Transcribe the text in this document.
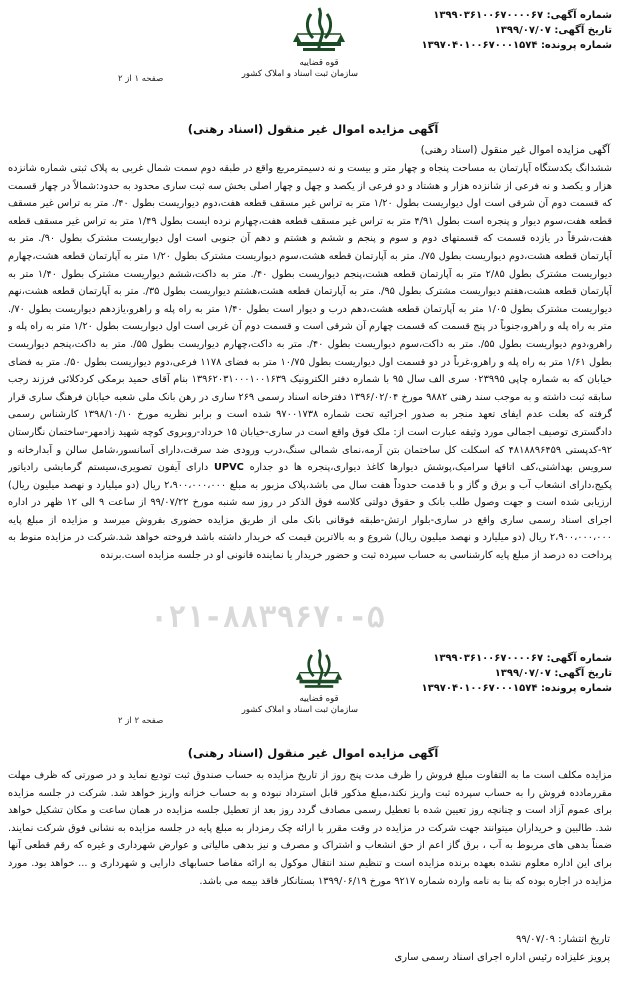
شماره آگهی: ۱۳۹۹۰۳۶۱۰۰۶۷۰۰۰۰۶۷
تاریخ آگهی: ۱۳۹۹/۰۷/۰۷
شماره پرونده: ۱۳۹۷۰۴۰۱۰۰۶۷۰۰۰۱۵۷۴
قوه قضاییه
سازمان ثبت اسناد و املاک کشور
صفحه ۱ از ۲
آگهی مزایده اموال غیر منقول (اسناد رهنی)
آگهی مزایده اموال غیر منقول (اسناد رهنی)
ششدانگ یکدستگاه آپارتمان به مساحت پنجاه و چهار متر و بیست و نه دسیمترمربع واقع در طبقه دوم سمت شمال غربی به پلاک ثبتی شماره شانزده هزار و یکصد و نه فرعی از شانزده هزار و هشتاد و دو فرعی از یکصد و چهل و چهار اصلی بخش سه ثبت ساری محدود به حدود:شمالاً در چهار قسمت که قسمت دوم آن شرقی است اول دیواریست بطول ۱/۲۰ متر به تراس غیر مسقف قطعه هفت،دوم دیواریست بطول ۴۰/. متر به تراس غیر مسقف قطعه هفت،سوم دیوار و پنجره است بطول ۴/۹۱ متر به تراس غیر مسقف قطعه هفت،چهارم نرده ایست بطول ۱/۴۹ متر به تراس غیر مسقف قطعه هفت،شرقاً در یازده قسمت که قسمتهای دوم و سوم و پنجم و ششم و هشتم و دهم آن جنوبی است اول دیواریست مشترک بطول ۹۰/. متر به آپارتمان قطعه هشت،دوم دیواریست بطول ۷۵/. متر به آپارتمان قطعه هشت،سوم دیواریست مشترک بطول ۱/۲۰ متر به آپارتمان قطعه هشت،چهارم دیواریست مشترک بطول ۲/۸۵ متر به آپارتمان قطعه هشت،پنجم دیواریست بطول ۴۰/. متر به داکت،ششم دیواریست مشترک بطول ۱/۴۰ متر به آپارتمان قطعه هشت،هفتم دیواریست مشترک بطول ۹۵/. متر به آپارتمان قطعه هشت،هشتم دیواریست بطول ۳۵/. متر به آپارتمان قطعه هشت،نهم دیواریست مشترک بطول ۱/۰۵ متر به آپارتمان قطعه هشت،دهم درب و دیوار است بطول ۱/۴۰ متر به راه پله و راهرو،یازدهم دیواریست بطول ۷۰/. متر به راه پله و راهرو،جنوباً در پنج قسمت که قسمت چهارم آن شرقی است و قسمت دوم آن غربی است اول دیواریست بطول ۱/۲۰ متر به راه پله و راهرو،دوم دیواریست بطول ۵۵/. متر به داکت،سوم دیواریست بطول ۴۰/. متر به داکت،چهارم دیواریست بطول ۵۵/. متر به داکت،پنجم دیواریست بطول ۱/۶۱ متر به راه پله و راهرو،غرباً در دو قسمت اول دیواریست بطول ۱۰/۷۵ متر به فضای ۱۱۷۸ فرعی،دوم دیواریست بطول ۵۰/. متر به فضای خیابان که به شماره چاپی ۰۲۳۹۹۵ سری الف سال ۹۵ با شماره دفتر الکترونیک ۱۳۹۶۲۰۳۱۰۰۰۱۰۰۱۶۳۹ بنام آقای حمید برمکی کردکلائی فرزند رجب سابقه ثبت داشته و به موجب سند رهنی ۹۸۸۲ مورخ ۱۳۹۶/۰۲/۰۴ دفترخانه اسناد رسمی ۲۶۹ ساری در رهن بانک ملی شعبه خیابان فرهنگ ساری قرار گرفته که بعلت عدم ایفای تعهد منجر به صدور اجرائیه تحت شماره ۹۷۰۰۱۷۳۸ شده است و برابر نظریه مورخ ۱۳۹۸/۱۰/۱۰ کارشناس رسمی دادگستری توصیف اجمالی مورد وثیقه عبارت است از: ملک فوق واقع است در ساری-خیابان ۱۵ خرداد-روبروی کوچه شهید زادمهر-ساختمان نگارستان ۹۲-کدپستی ۴۸۱۸۸۹۶۴۵۹ که اسکلت کل ساختمان بتن آرمه،نمای شمالی سنگ،درب ورودی ضد سرقت،دارای آسانسور،شامل سالن و آبدارخانه و سرویس بهداشتی،کف اتاقها سرامیک،پوشش دیوارها کاغذ دیواری،پنجره ها دو جداره UPVC دارای آیفون تصویری،سیستم گرمایشی رادیاتور پکیج،دارای انشعاب آب و برق و گاز و با قدمت حدوداً هفت سال می باشد،پلاک مزبور به مبلغ ۲،۹۰۰،۰۰۰،۰۰۰ ریال (دو میلیارد و نهصد میلیون ریال) ارزیابی شده است و جهت وصول طلب بانک و حقوق دولتی کلاسه فوق الذکر در روز سه شنبه مورخ ۹۹/۰۷/۲۲ از ساعت ۹ الی ۱۲ ظهر در اداره اجرای اسناد رسمی ساری واقع در ساری-بلوار ارتش-طبقه فوقانی بانک ملی از طریق مزایده حضوری بفروش میرسد و مزایده از مبلغ پایه ۲،۹۰۰،۰۰۰،۰۰۰ ریال (دو میلیارد و نهصد میلیون ریال) شروع و به بالاترین قیمت که خریدار داشته باشد فروخته خواهد شد.شرکت در مزایده منوط به پرداخت ده درصد از مبلغ پایه کارشناسی به حساب سپرده ثبت و حضور خریدار یا نماینده قانونی او در جلسه مزایده است.برنده
۰۲۱-۸۸۳۹۶۷۰-۵
شماره آگهی: ۱۳۹۹۰۳۶۱۰۰۶۷۰۰۰۰۶۷
تاریخ آگهی: ۱۳۹۹/۰۷/۰۷
شماره پرونده: ۱۳۹۷۰۴۰۱۰۰۶۷۰۰۰۱۵۷۴
قوه قضاییه
سازمان ثبت اسناد و املاک کشور
صفحه ۲ از ۲
آگهی مزایده اموال غیر منقول (اسناد رهنی)
مزایده مکلف است ما به التفاوت مبلغ فروش را ظرف مدت پنج روز از تاریخ مزایده به حساب صندوق ثبت تودیع نماید و در صورتی که ظرف مهلت مقررمادده فروش را به حساب سپرده ثبت واریز نکند،مبلغ مذکور قابل استرداد نبوده و به حساب خزانه واریز خواهد شد. شرکت در جلسه مزایده برای عموم آزاد است و چنانچه روز تعیین شده با تعطیل رسمی مصادف گردد روز بعد از تعطیل جلسه مزایده در همان ساعت و مکان تشکیل خواهد شد. طالبین و خریداران میتوانند جهت شرکت در مزایده در وقت مقرر با ارائه چک رمزدار به مبلغ پایه در جلسه مزایده به نشانی فوق شرکت نمایند. ضمناً بدهی های مربوط به آب ، برق گاز اعم از حق انشعاب و اشتراک و مصرف و نیز بدهی مالیاتی و عوارض شهرداری و غیره که رقم قطعی آنها برای این اداره معلوم نشده بعهده برنده مزایده است و تنظیم سند انتقال موکول به ارائه مفاصا حسابهای دارایی و شهرداری و ... خواهد بود. مورد مزایده در اجاره بوده که بنا به نامه وارده شماره ۹۲۱۷ مورخ ۱۳۹۹/۰۶/۱۹ بستانکار فاقد بیمه می باشد.
تاریخ انتشار: ۹۹/۰۷/۰۹
پرویز علیزاده رئیس اداره اجرای اسناد رسمی ساری
